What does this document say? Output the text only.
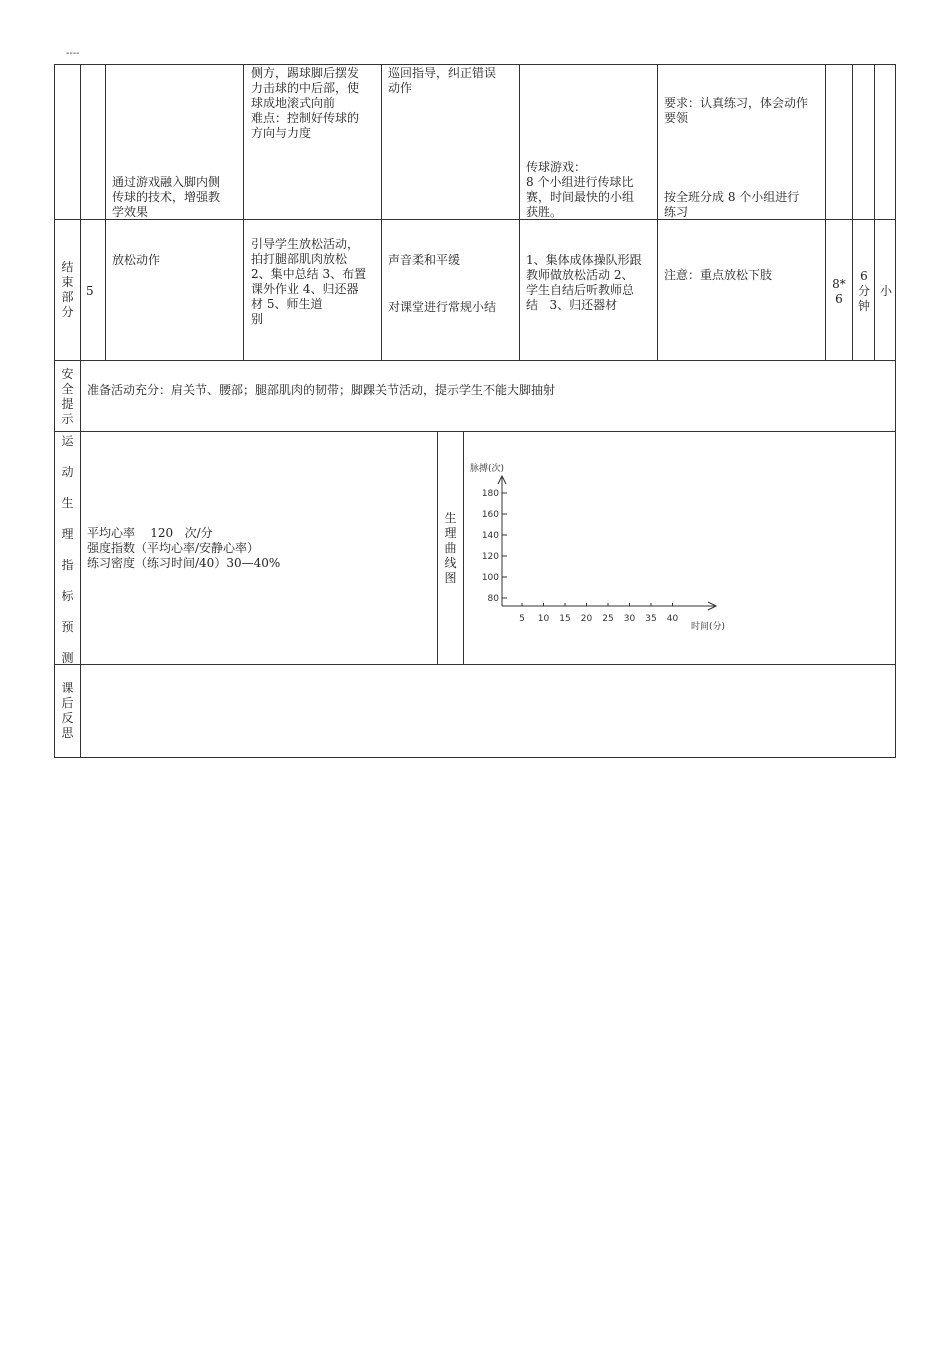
----
通过游戏融入脚内侧
传球的技术，增强教
学效果
侧方，踢球脚后摆发
力击球的中后部，使
球成地滚式向前
难点：控制好传球的
方向与力度
巡回指导，纠正错误
动作
传球游戏：
8 个小组进行传球比
赛，时间最快的小组
获胜。
要求：认真练习，体会动作
要领
按全班分成 8 个小组进行
练习
结
束
部
分
5
放松动作
引导学生放松活动，
拍打腿部肌肉放松
2、集中总结 3、布置
课外作业 4、归还器
材 5、师生道
别
声音柔和平缓
对课堂进行常规小结
1、集体成体操队形跟
教师做放松活动 2、
学生自结后听教师总
结   3、归还器材
注意：重点放松下肢
8*
6
6
分
钟
小
安
全
提
示
准备活动充分：肩关节、腰部；腿部肌肉的韧带；脚踝关节活动，提示学生不能大脚抽射
运
动
生
理
指
标
预
测
平均心率    120   次/分
强度指数（平均心率/安静心率）
练习密度（练习时间/40）30—40%
生
理
曲
线
图
脉搏(次)
时间(分)
180
160
140
120
100
80
5 10 15 20 25 30 35 40
课
后
反
思
